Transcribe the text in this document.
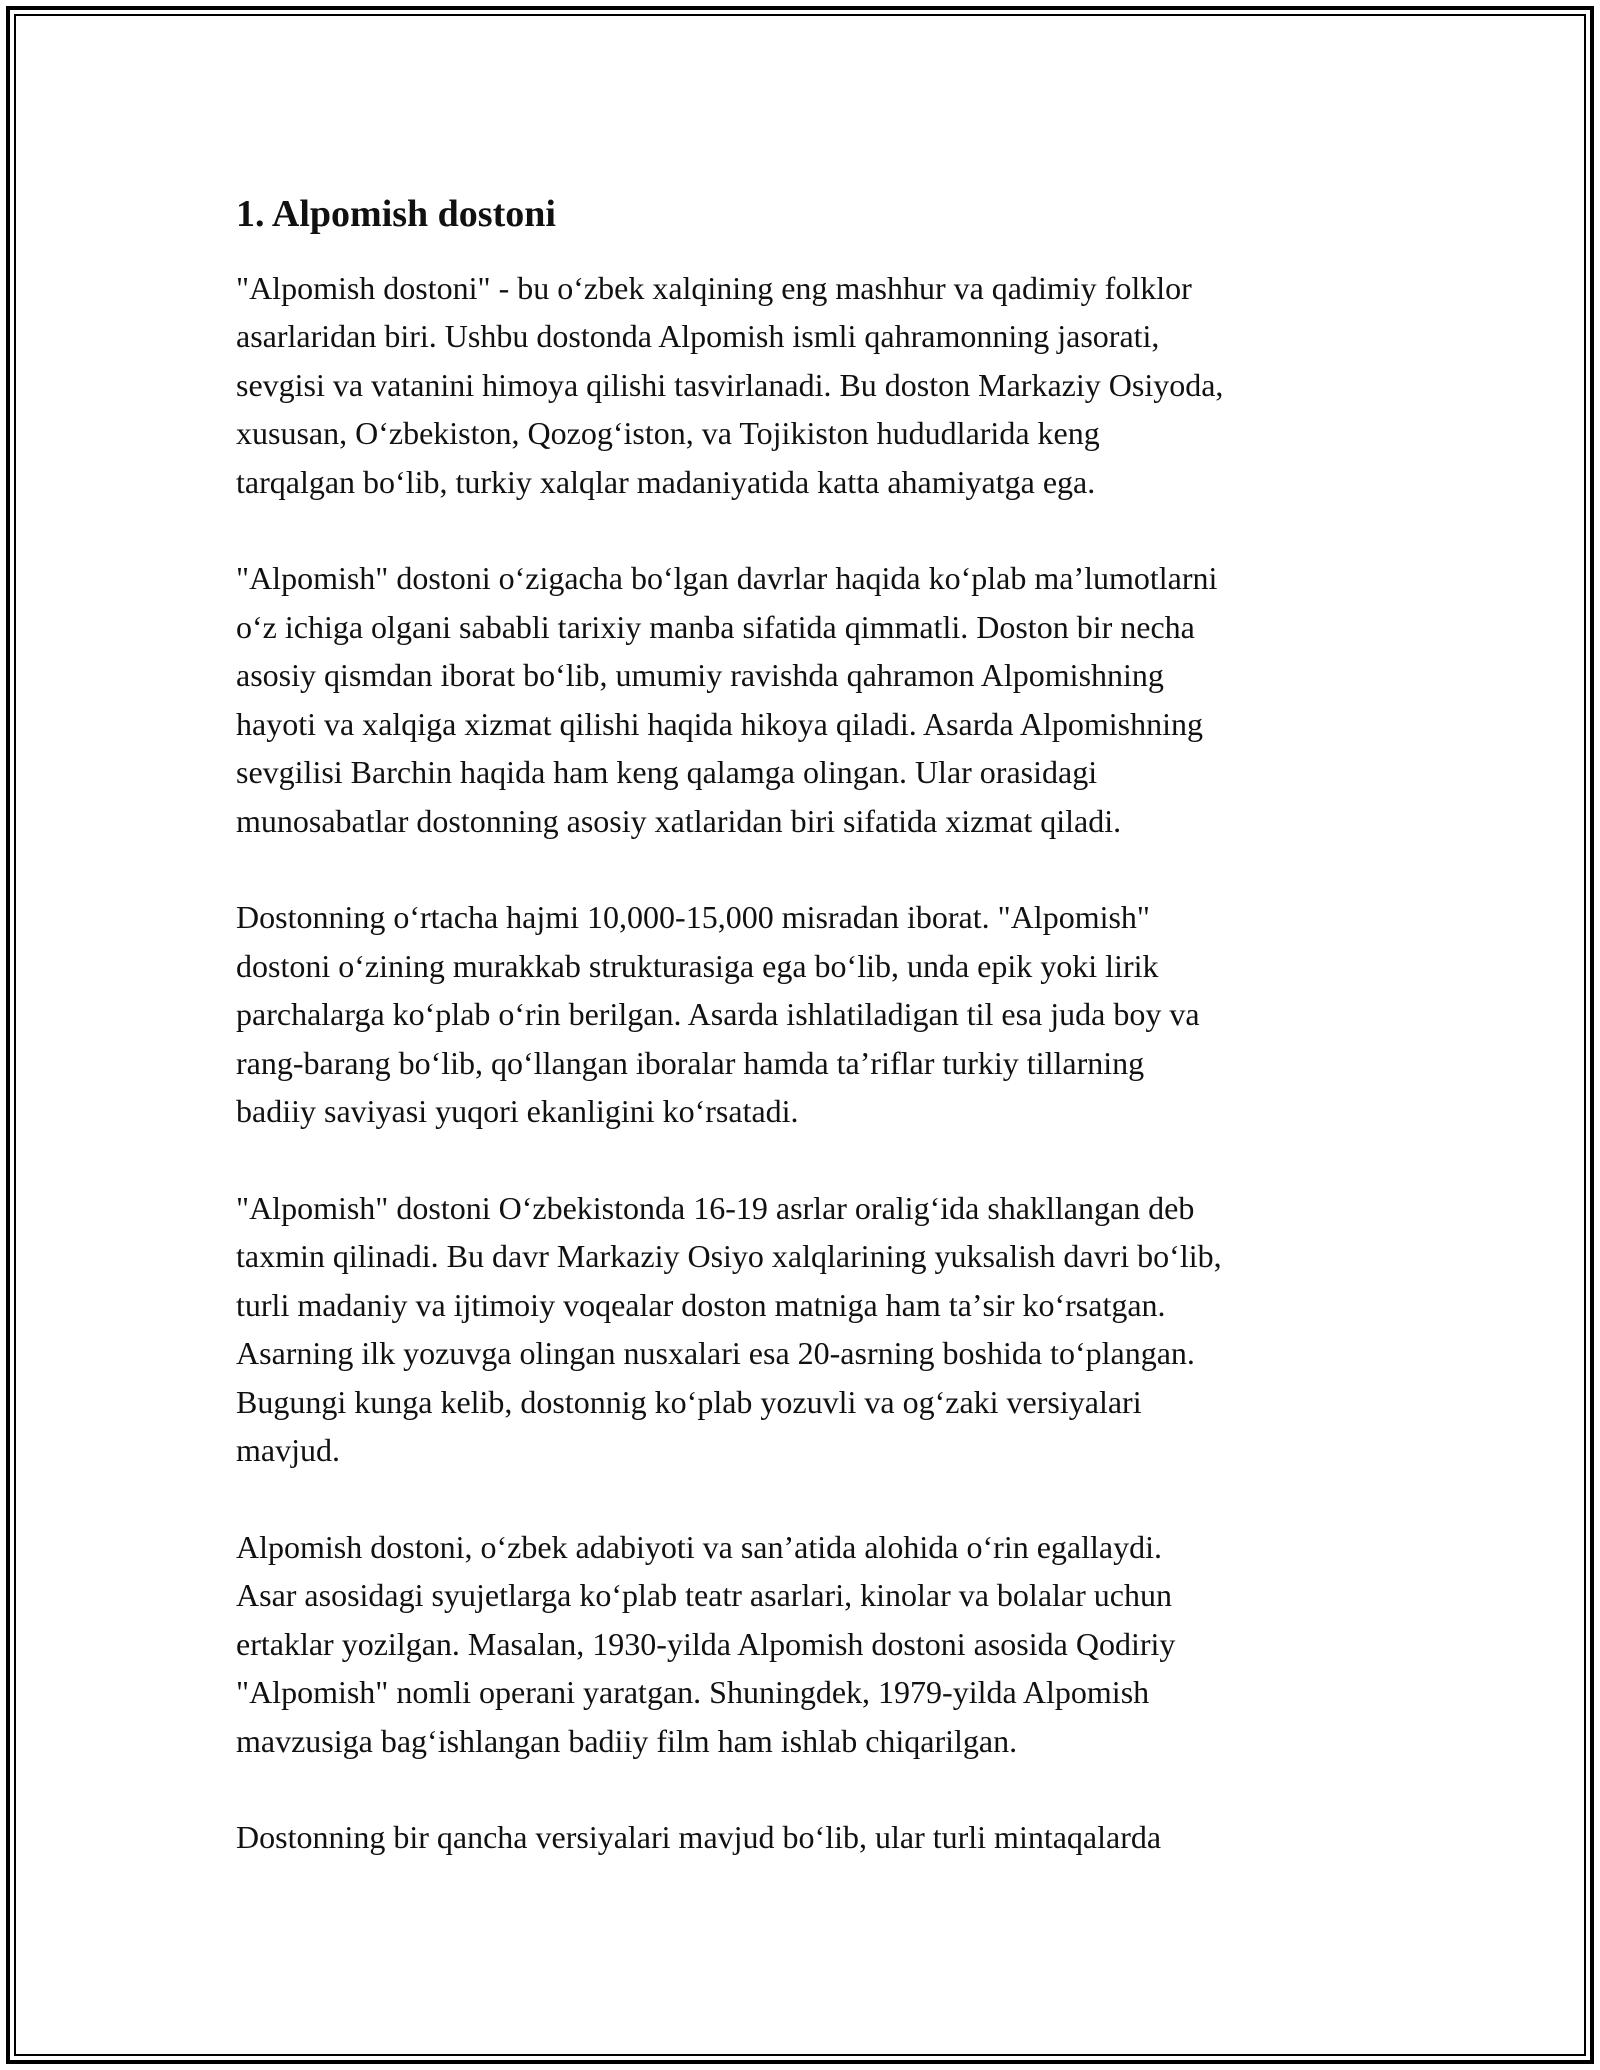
1. Alpomish dostoni

"Alpomish dostoni" - bu oʻzbek xalqining eng mashhur va qadimiy folklor
asarlaridan biri. Ushbu dostonda Alpomish ismli qahramonning jasorati,
sevgisi va vatanini himoya qilishi tasvirlanadi. Bu doston Markaziy Osiyoda,
xususan, Oʻzbekiston, Qozogʻiston, va Tojikiston hududlarida keng
tarqalgan boʻlib, turkiy xalqlar madaniyatida katta ahamiyatga ega.

"Alpomish" dostoni oʻzigacha boʻlgan davrlar haqida koʻplab maʼlumotlarni
oʻz ichiga olgani sababli tarixiy manba sifatida qimmatli. Doston bir necha
asosiy qismdan iborat boʻlib, umumiy ravishda qahramon Alpomishning
hayoti va xalqiga xizmat qilishi haqida hikoya qiladi. Asarda Alpomishning
sevgilisi Barchin haqida ham keng qalamga olingan. Ular orasidagi
munosabatlar dostonning asosiy xatlaridan biri sifatida xizmat qiladi.

Dostonning oʻrtacha hajmi 10,000-15,000 misradan iborat. "Alpomish"
dostoni oʻzining murakkab strukturasiga ega boʻlib, unda epik yoki lirik
parchalarga koʻplab oʻrin berilgan. Asarda ishlatiladigan til esa juda boy va
rang-barang boʻlib, qoʻllangan iboralar hamda taʼriflar turkiy tillarning
badiiy saviyasi yuqori ekanligini koʻrsatadi.

"Alpomish" dostoni Oʻzbekistonda 16-19 asrlar oraligʻida shakllangan deb
taxmin qilinadi. Bu davr Markaziy Osiyo xalqlarining yuksalish davri boʻlib,
turli madaniy va ijtimoiy voqealar doston matniga ham taʼsir koʻrsatgan.
Asarning ilk yozuvga olingan nusxalari esa 20-asrning boshida toʻplangan.
Bugungi kunga kelib, dostonnig koʻplab yozuvli va ogʻzaki versiyalari
mavjud.

Alpomish dostoni, oʻzbek adabiyoti va sanʼatida alohida oʻrin egallaydi.
Asar asosidagi syujetlarga koʻplab teatr asarlari, kinolar va bolalar uchun
ertaklar yozilgan. Masalan, 1930-yilda Alpomish dostoni asosida Qodiriy
"Alpomish" nomli operani yaratgan. Shuningdek, 1979-yilda Alpomish
mavzusiga bagʻishlangan badiiy film ham ishlab chiqarilgan.

Dostonning bir qancha versiyalari mavjud boʻlib, ular turli mintaqalarda
